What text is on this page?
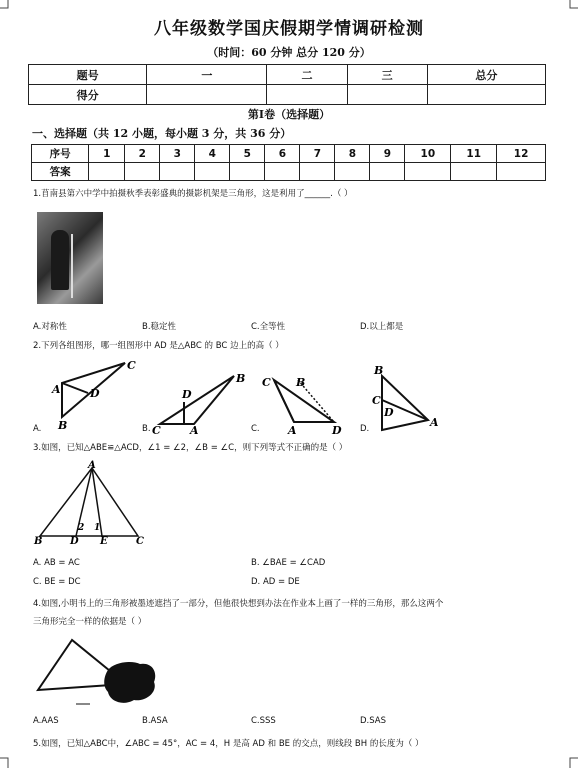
八年级数学国庆假期学情调研检测
（时间：60 分钟 总分 120 分）
题号	一	二	三	总分
得分				
第Ⅰ卷（选择题）
一、选择题（共 12 小题，每小题 3 分，共 36 分）
序号	1	2	3	4	5	6	7	8	9	10	11	12
答案												
1.苜南县第六中学中拍摄秋季表彰盛典的摄影机架是三角形，这是利用了______.（ ）
A.对称性	B.稳定性	C.全等性	D.以上都是
2.下列各组图形，哪一组图形中 AD 是△ABC 的 BC 边上的高（ ）
C
A	D
B
A.
B
D
C	A
B.
C B
A	D
C.
B
C
D
A
D.
3.如图，已知△ABE≌△ACD，∠1 = ∠2，∠B = ∠C，则下列等式不正确的是（ ）
A
B	D E	C
2 1
A. AB = AC	B. ∠BAE = ∠CAD
C. BE = DC	D. AD = DE
4.如图,小明书上的三角形被墨迹遮挡了一部分，但他很快想到办法在作业本上画了一样的三角形，那么这两个
三角形完全一样的依据是（ ）
A.AAS	B.ASA	C.SSS	D.SAS
5.如图，已知△ABC中，∠ABC = 45°，AC = 4，H 是高 AD 和 BE 的交点，则线段 BH 的长度为（ ）
